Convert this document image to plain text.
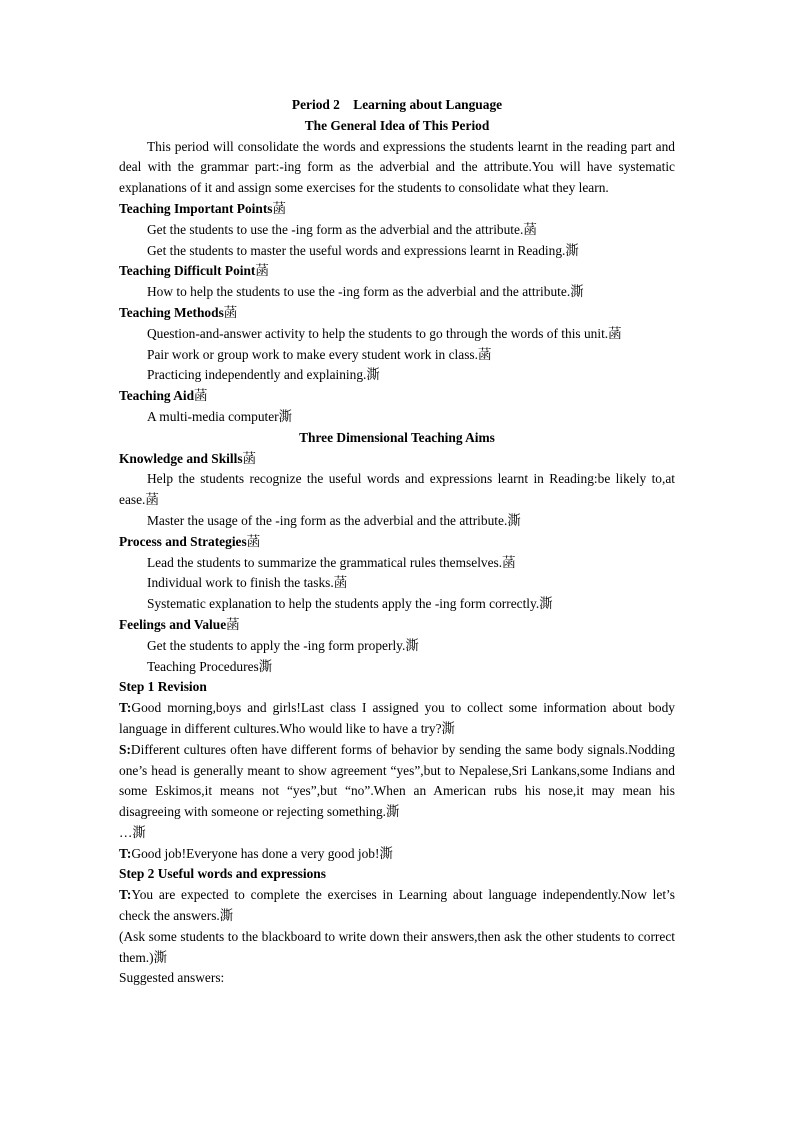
Period 2    Learning about Language
The General Idea of This Period
This period will consolidate the words and expressions the students learnt in the reading part and deal with the grammar part:-ing form as the adverbial and the attribute.You will have systematic explanations of it and assign some exercises for the students to consolidate what they learn.
Teaching Important Points菡
Get the students to use the -ing form as the adverbial and the attribute.菡
Get the students to master the useful words and expressions learnt in Reading.澌
Teaching Difficult Point菡
How to help the students to use the -ing form as the adverbial and the attribute.澌
Teaching Methods菡
Question-and-answer activity to help the students to go through the words of this unit.菡
Pair work or group work to make every student work in class.菡
Practicing independently and explaining.澌
Teaching Aid菡
A multi-media computer澌
Three Dimensional Teaching Aims
Knowledge and Skills菡
Help the students recognize the useful words and expressions learnt in Reading:be likely to,at ease.菡
Master the usage of the -ing form as the adverbial and the attribute.澌
Process and Strategies菡
Lead the students to summarize the grammatical rules themselves.菡
Individual work to finish the tasks.菡
Systematic explanation to help the students apply the -ing form correctly.澌
Feelings and Value菡
Get the students to apply the -ing form properly.澌
Teaching Procedures澌
Step 1 Revision
T:Good morning,boys and girls!Last class I assigned you to collect some information about body language in different cultures.Who would like to have a try?澌
S:Different cultures often have different forms of behavior by sending the same body signals.Nodding one’s head is generally meant to show agreement “yes”,but to Nepalese,Sri Lankans,some Indians and some Eskimos,it means not “yes”,but “no”.When an American rubs his nose,it may mean his disagreeing with someone or rejecting something.澌
…澌
T:Good job!Everyone has done a very good job!澌
Step 2 Useful words and expressions
T:You are expected to complete the exercises in Learning about language independently.Now let’s check the answers.澌
(Ask some students to the blackboard to write down their answers,then ask the other students to correct them.)澌
Suggested answers:
